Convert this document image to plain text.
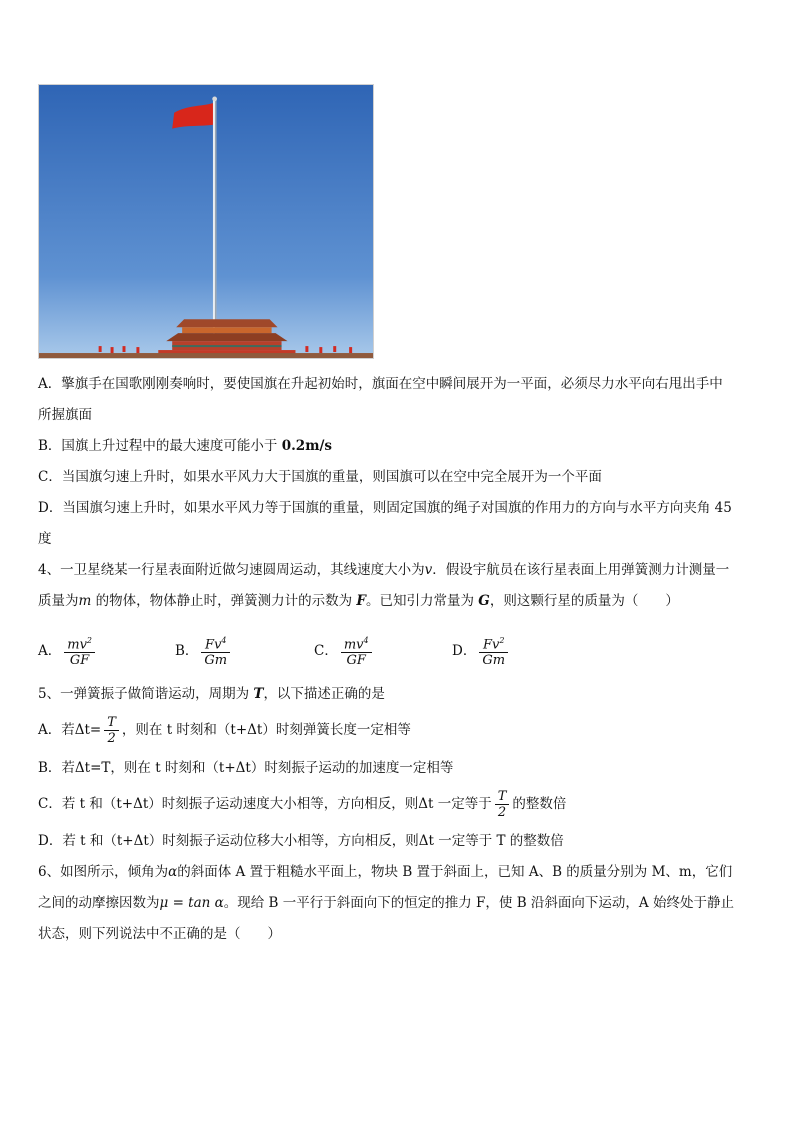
A．擎旗手在国歌刚刚奏响时，要使国旗在升起初始时，旗面在空中瞬间展开为一平面，必须尽力水平向右甩出手中
所握旗面
B．国旗上升过程中的最大速度可能小于 0.2m/s
C．当国旗匀速上升时，如果水平风力大于国旗的重量，则国旗可以在空中完全展开为一个平面
D．当国旗匀速上升时，如果水平风力等于国旗的重量，则固定国旗的绳子对国旗的作用力的方向与水平方向夹角 45
度
4、一卫星绕某一行星表面附近做匀速圆周运动，其线速度大小为v．假设宇航员在该行星表面上用弹簧测力计测量一
质量为m 的物体，物体静止时，弹簧测力计的示数为 F。已知引力常量为 G，则这颗行星的质量为（　　）
A． $\frac{mv^2}{GF}$	B． $\frac{Fv^4}{Gm}$	C． $\frac{mv^4}{GF}$	D． $\frac{Fv^2}{Gm}$
5、一弹簧振子做简谐运动，周期为 T，以下描述正确的是
A．若$\Delta t= \frac{T}{2}$ ，则在 t 时刻和（t+Δt）时刻弹簧长度一定相等
B．若Δt=T，则在 t 时刻和（t+Δt）时刻振子运动的加速度一定相等
C．若 t 和（t+Δt）时刻振子运动速度大小相等，方向相反，则Δt 一定等于 $\frac{T}{2}$ 的整数倍
D．若 t 和（t+Δt）时刻振子运动位移大小相等，方向相反，则Δt 一定等于 T 的整数倍
6、如图所示，倾角为α的斜面体 A 置于粗糙水平面上，物块 B 置于斜面上，已知 A、B 的质量分别为 M、m，它们
之间的动摩擦因数为μ = tan α。现给 B 一平行于斜面向下的恒定的推力 F，使 B 沿斜面向下运动，A 始终处于静止
状态，则下列说法中不正确的是（　　）
